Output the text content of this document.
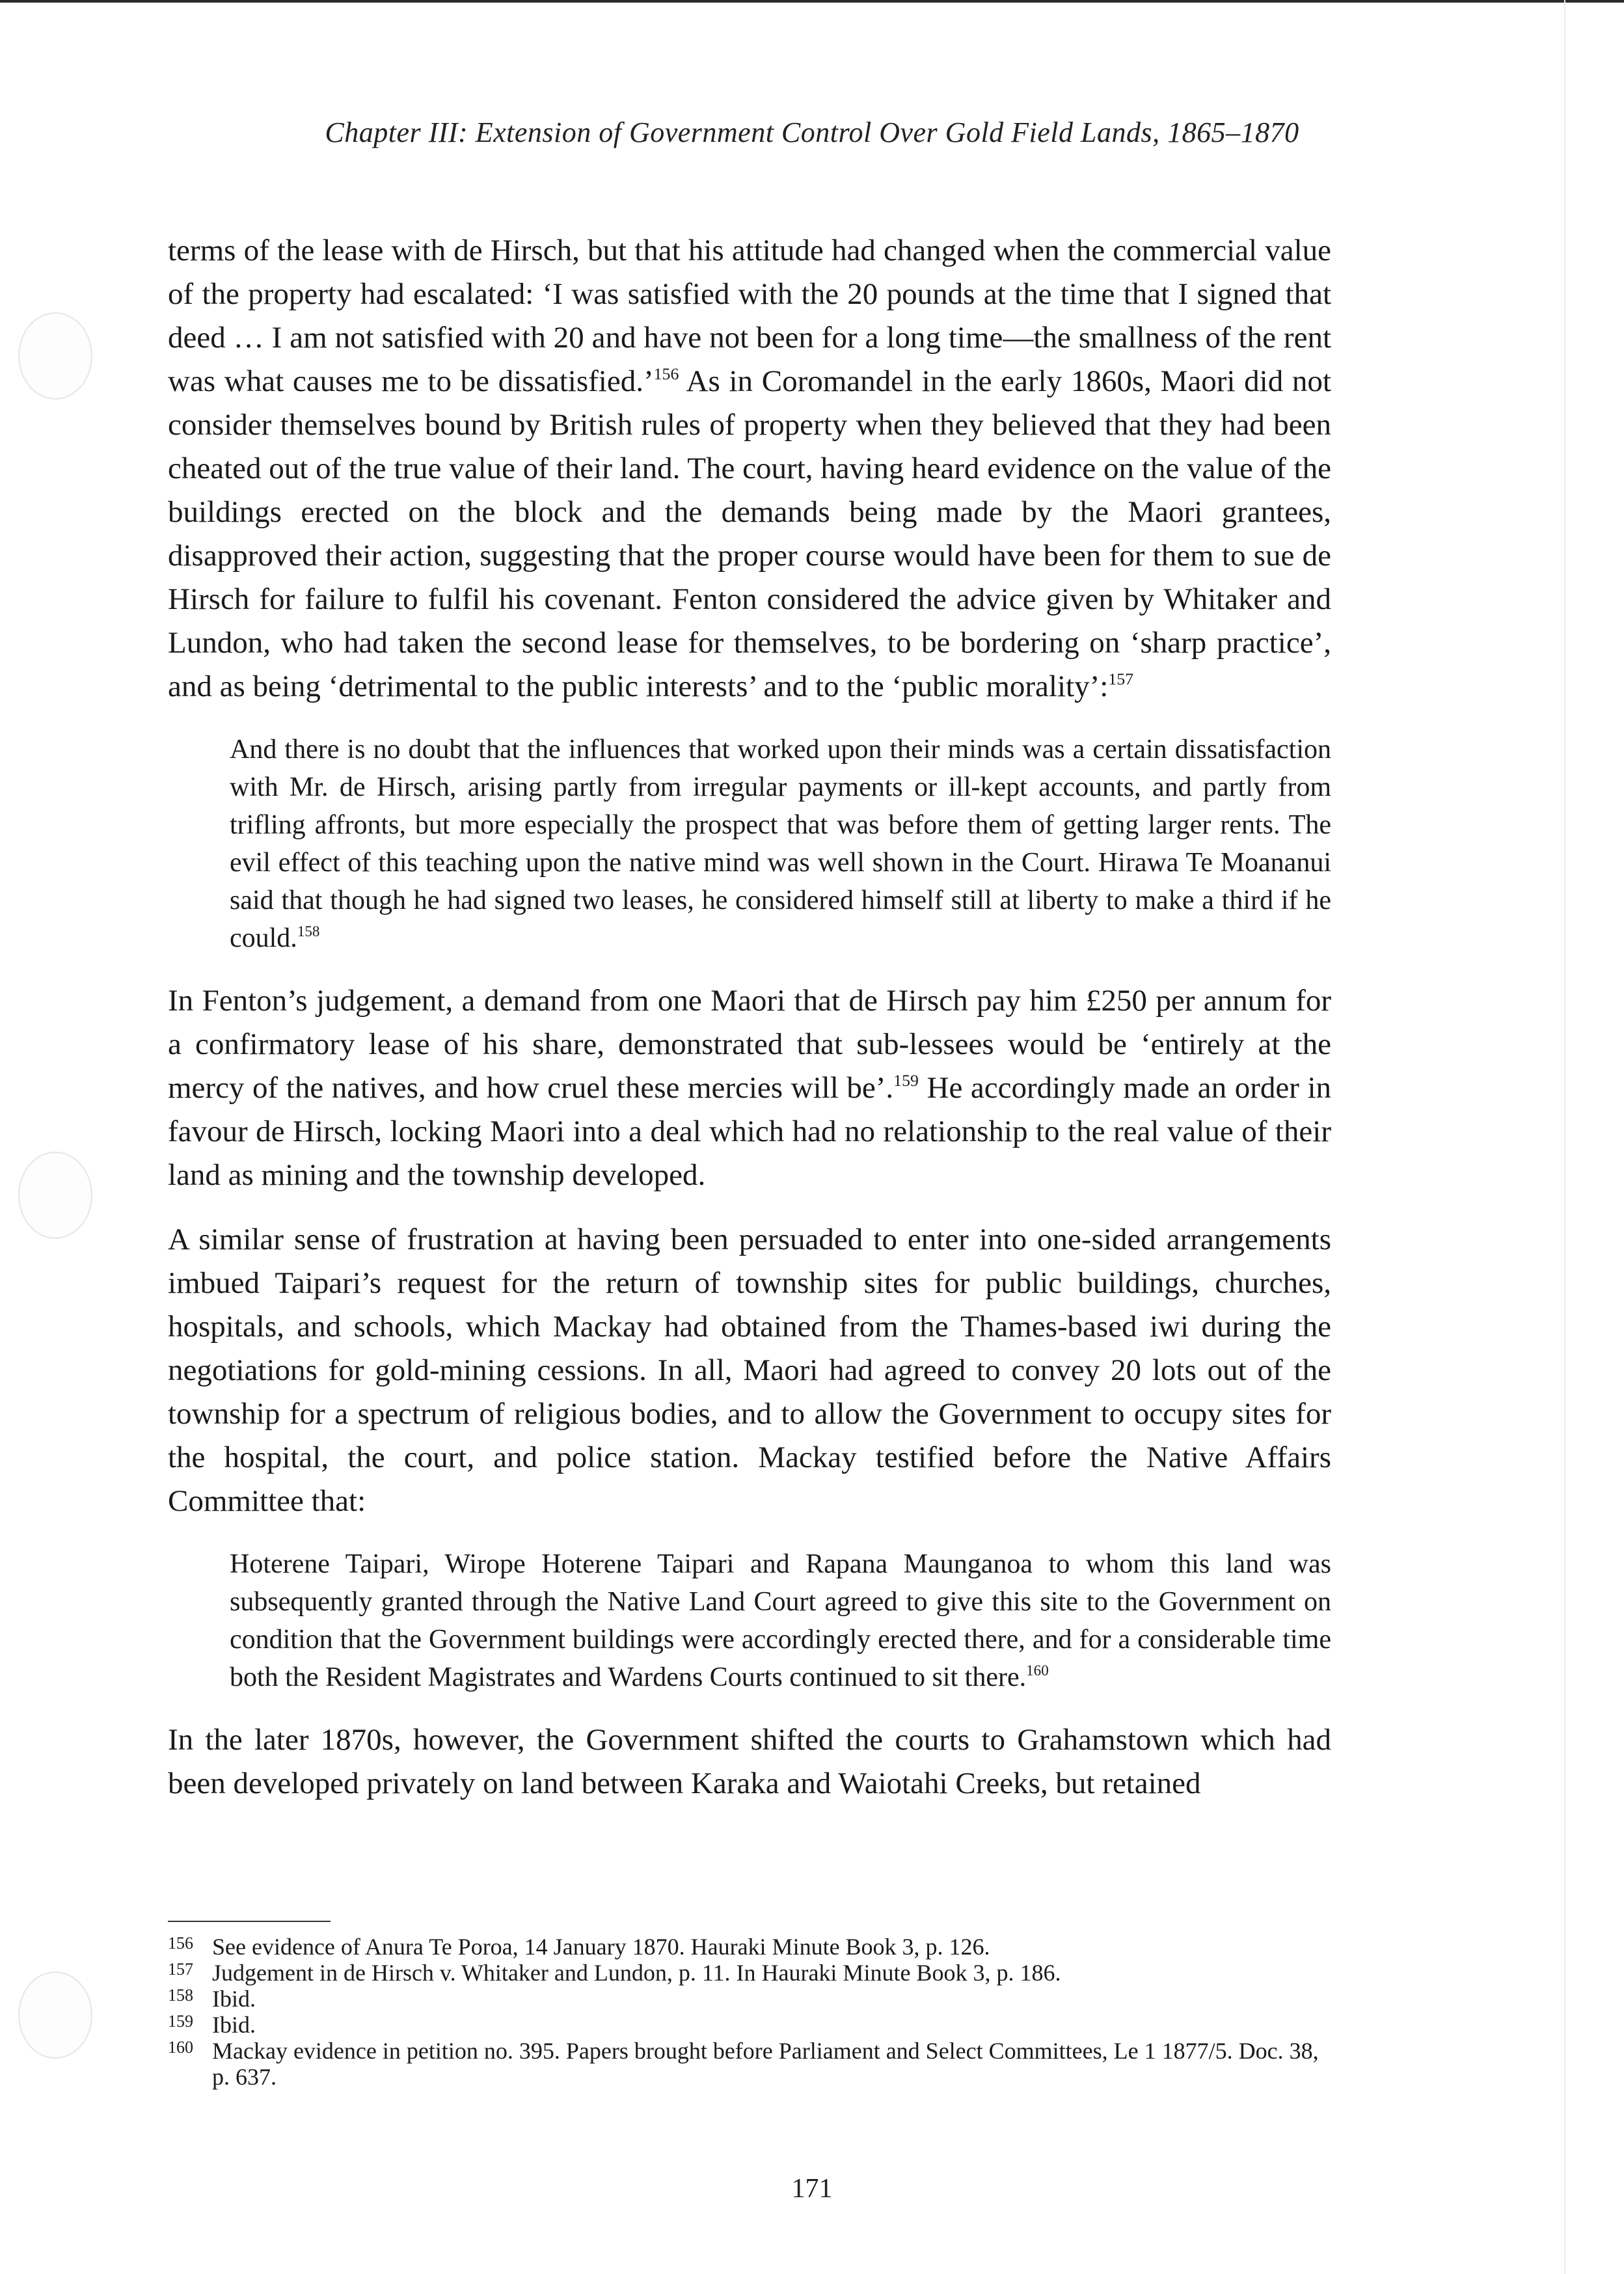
Chapter III: Extension of Government Control Over Gold Field Lands, 1865–1870

terms of the lease with de Hirsch, but that his attitude had changed when the commercial value of the property had escalated: ‘I was satisfied with the 20 pounds at the time that I signed that deed … I am not satisfied with 20 and have not been for a long time—the smallness of the rent was what causes me to be dissatisfied.’$^{156}$ As in Coromandel in the early 1860s, Maori did not consider themselves bound by British rules of property when they believed that they had been cheated out of the true value of their land. The court, having heard evidence on the value of the buildings erected on the block and the demands being made by the Maori grantees, disapproved their action, suggesting that the proper course would have been for them to sue de Hirsch for failure to fulfil his covenant. Fenton considered the advice given by Whitaker and Lundon, who had taken the second lease for themselves, to be bordering on ‘sharp practice’, and as being ‘detrimental to the public interests’ and to the ‘public morality’:$^{157}$

And there is no doubt that the influences that worked upon their minds was a certain dissatisfaction with Mr. de Hirsch, arising partly from irregular payments or ill-kept accounts, and partly from trifling affronts, but more especially the prospect that was before them of getting larger rents. The evil effect of this teaching upon the native mind was well shown in the Court. Hirawa Te Moananui said that though he had signed two leases, he considered himself still at liberty to make a third if he could.$^{158}$

In Fenton’s judgement, a demand from one Maori that de Hirsch pay him £250 per annum for a confirmatory lease of his share, demonstrated that sub-lessees would be ‘entirely at the mercy of the natives, and how cruel these mercies will be’.$^{159}$ He accordingly made an order in favour de Hirsch, locking Maori into a deal which had no relationship to the real value of their land as mining and the township developed.

A similar sense of frustration at having been persuaded to enter into one-sided arrangements imbued Taipari’s request for the return of township sites for public buildings, churches, hospitals, and schools, which Mackay had obtained from the Thames-based iwi during the negotiations for gold-mining cessions. In all, Maori had agreed to convey 20 lots out of the township for a spectrum of religious bodies, and to allow the Government to occupy sites for the hospital, the court, and police station. Mackay testified before the Native Affairs Committee that:

Hoterene Taipari, Wirope Hoterene Taipari and Rapana Maunganoa to whom this land was subsequently granted through the Native Land Court agreed to give this site to the Government on condition that the Government buildings were accordingly erected there, and for a considerable time both the Resident Magistrates and Wardens Courts continued to sit there.$^{160}$

In the later 1870s, however, the Government shifted the courts to Grahamstown which had been developed privately on land between Karaka and Waiotahi Creeks, but retained

156 See evidence of Anura Te Poroa, 14 January 1870. Hauraki Minute Book 3, p. 126.
157 Judgement in de Hirsch v. Whitaker and Lundon, p. 11. In Hauraki Minute Book 3, p. 186.
158 Ibid.
159 Ibid.
160 Mackay evidence in petition no. 395. Papers brought before Parliament and Select Committees, Le 1 1877/5. Doc. 38, p. 637.
171
